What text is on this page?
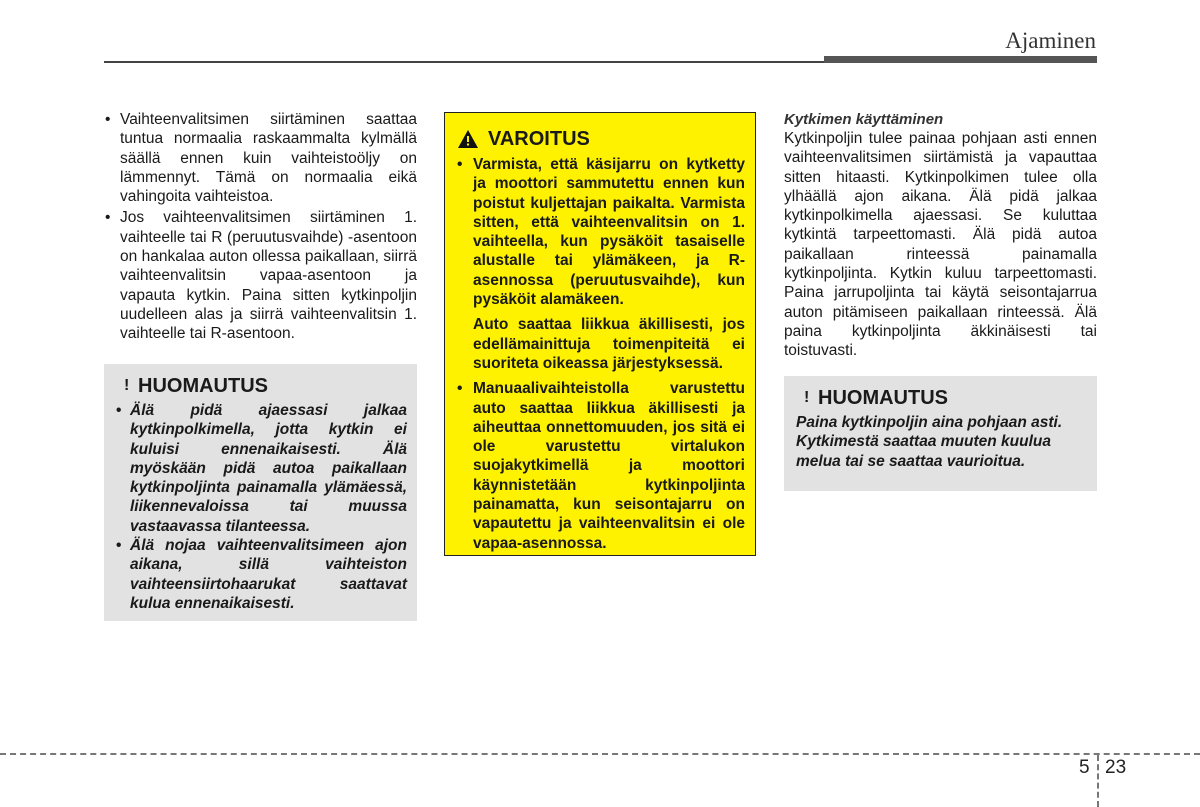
Ajaminen
• Vaihteenvalitsimen siirtäminen saattaa tuntua normaalia raskaammalta kylmällä säällä ennen kuin vaihteistoöljy on lämmennyt. Tämä on normaalia eikä vahingoita vaihteistoa.
• Jos vaihteenvalitsimen siirtäminen 1. vaihteelle tai R (peruutusvaihde) -asentoon on hankalaa auton ollessa paikallaan, siirrä vaihteenvalitsin vapaa-asentoon ja vapauta kytkin. Paina sitten kytkinpoljin uudelleen alas ja siirrä vaihteenvalitsin 1. vaihteelle tai R-asentoon.
! HUOMAUTUS
• Älä pidä ajaessasi jalkaa kytkinpolkimella, jotta kytkin ei kuluisi ennenaikaisesti. Älä myöskään pidä autoa paikallaan kytkinpoljinta painamalla ylämäessä, liikennevaloissa tai muussa vastaavassa tilanteessa.
• Älä nojaa vaihteenvalitsimeen ajon aikana, sillä vaihteiston vaihteensiirtohaarukat saattavat kulua ennenaikaisesti.
VAROITUS

• Varmista, että käsijarru on kytketty ja moottori sammutettu ennen kun poistut kuljettajan paikalta. Varmista sitten, että vaihteenvalitsin on 1. vaihteella, kun pysäköit tasaiselle alustalle tai ylämäkeen, ja R-asennossa (peruutusvaihde), kun pysäköit alamäkeen.

Auto saattaa liikkua äkillisesti, jos edellämainittuja toimenpiteitä ei suoriteta oikeassa järjestyksessä.

• Manuaalivaihteistolla varustettu auto saattaa liikkua äkillisesti ja aiheuttaa onnettomuuden, jos sitä ei ole varustettu virtalukon suojakytkimellä ja moottori käynnistetään kytkinpoljinta painamatta, kun seisontajarru on vapautettu ja vaihteenvalitsin ei ole vapaa-asennossa.
Kytkimen käyttäminen

Kytkinpoljin tulee painaa pohjaan asti ennen vaihteenvalitsimen siirtämistä ja vapauttaa sitten hitaasti. Kytkinpolkimen tulee olla ylhäällä ajon aikana. Älä pidä jalkaa kytkinpolkimella ajaessasi. Se kuluttaa kytkintä tarpeettomasti. Älä pidä autoa paikallaan rinteessä painamalla kytkinpoljinta. Kytkin kuluu tarpeettomasti. Paina jarrupoljinta tai käytä seisontajarrua auton pitämiseen paikallaan rinteessä. Älä paina kytkinpoljinta äkkinäisesti tai toistuvasti.

! HUOMAUTUS
Paina kytkinpoljin aina pohjaan asti. Kytkimestä saattaa muuten kuulua melua tai se saattaa vaurioitua.
5 23
